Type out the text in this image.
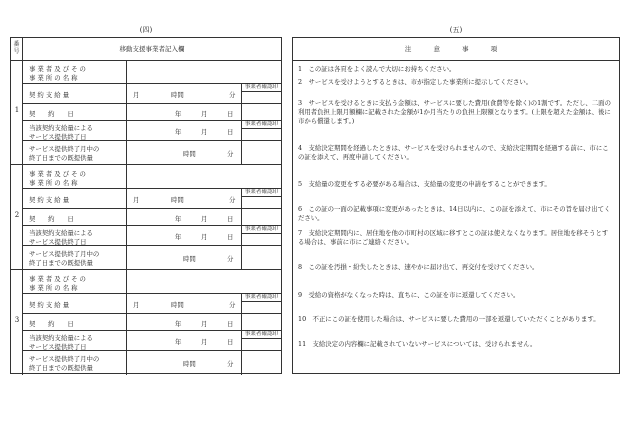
(四)	(五)
番号	移動支援事業者記入欄
1
事 業 者 及 び そ の
事 業 所 の 名 称
契 約 支 給 量	月	時間	分
事業者確認印
契　　約　　日	年	月	日
当該契約支給量による
サービス提供終了日
年	月	日
事業者確認印
サービス提供終了月中の
終了日までの既提供量	時間	分
2
事 業 者 及 び そ の
事 業 所 の 名 称
契 約 支 給 量	月	時間	分
事業者確認印
契　　約　　日	年	月	日
当該契約支給量による
サービス提供終了日
年	月	日
事業者確認印
サービス提供終了月中の
終了日までの既提供量	時間	分
3
事 業 者 及 び そ の
事 業 所 の 名 称
契 約 支 給 量	月	時間	分
事業者確認印
契　　約　　日	年	月	日
当該契約支給量による
サービス提供終了日
年	月	日
事業者確認印
サービス提供終了月中の
終了日までの既提供量	時間	分
注 意 事 項
1　この証は各頁をよく読んで大切にお持ちください。
2　サービスを受けようとするときは、市が指定した事業所に提示してください。
3　サービスを受けるときに支払う金額は、サービスに要した費用(食費等を除く)の1割です。ただし、二面の利用者負担上限月額欄に記載された金額が1か月当たりの負担上限額となります。(上限を超えた金額は、後に市から償還します。)
4　支給決定期間を経過したときは、サービスを受けられませんので、支給決定期間を経過する前に、市にこの証を添えて、再度申請してください。
5　支給量の変更をする必要がある場合は、支給量の変更の申請をすることができます。
6　この証の一面の記載事項に変更があったときは、14日以内に、この証を添えて、市にその旨を届け出てください。
7　支給決定期間内に、居住地を他の市町村の区域に移すとこの証は使えなくなります。居住地を移そうとする場合は、事前に市にご連絡ください。
8　この証を汚損・紛失したときは、速やかに届け出て、再交付を受けてください。
9　受給の資格がなくなった時は、直ちに、この証を市に返還してください。
10　不正にこの証を使用した場合は、サービスに要した費用の一部を返還していただくことがあります。
11　支給決定の内容欄に記載されていないサービスについては、受けられません。
